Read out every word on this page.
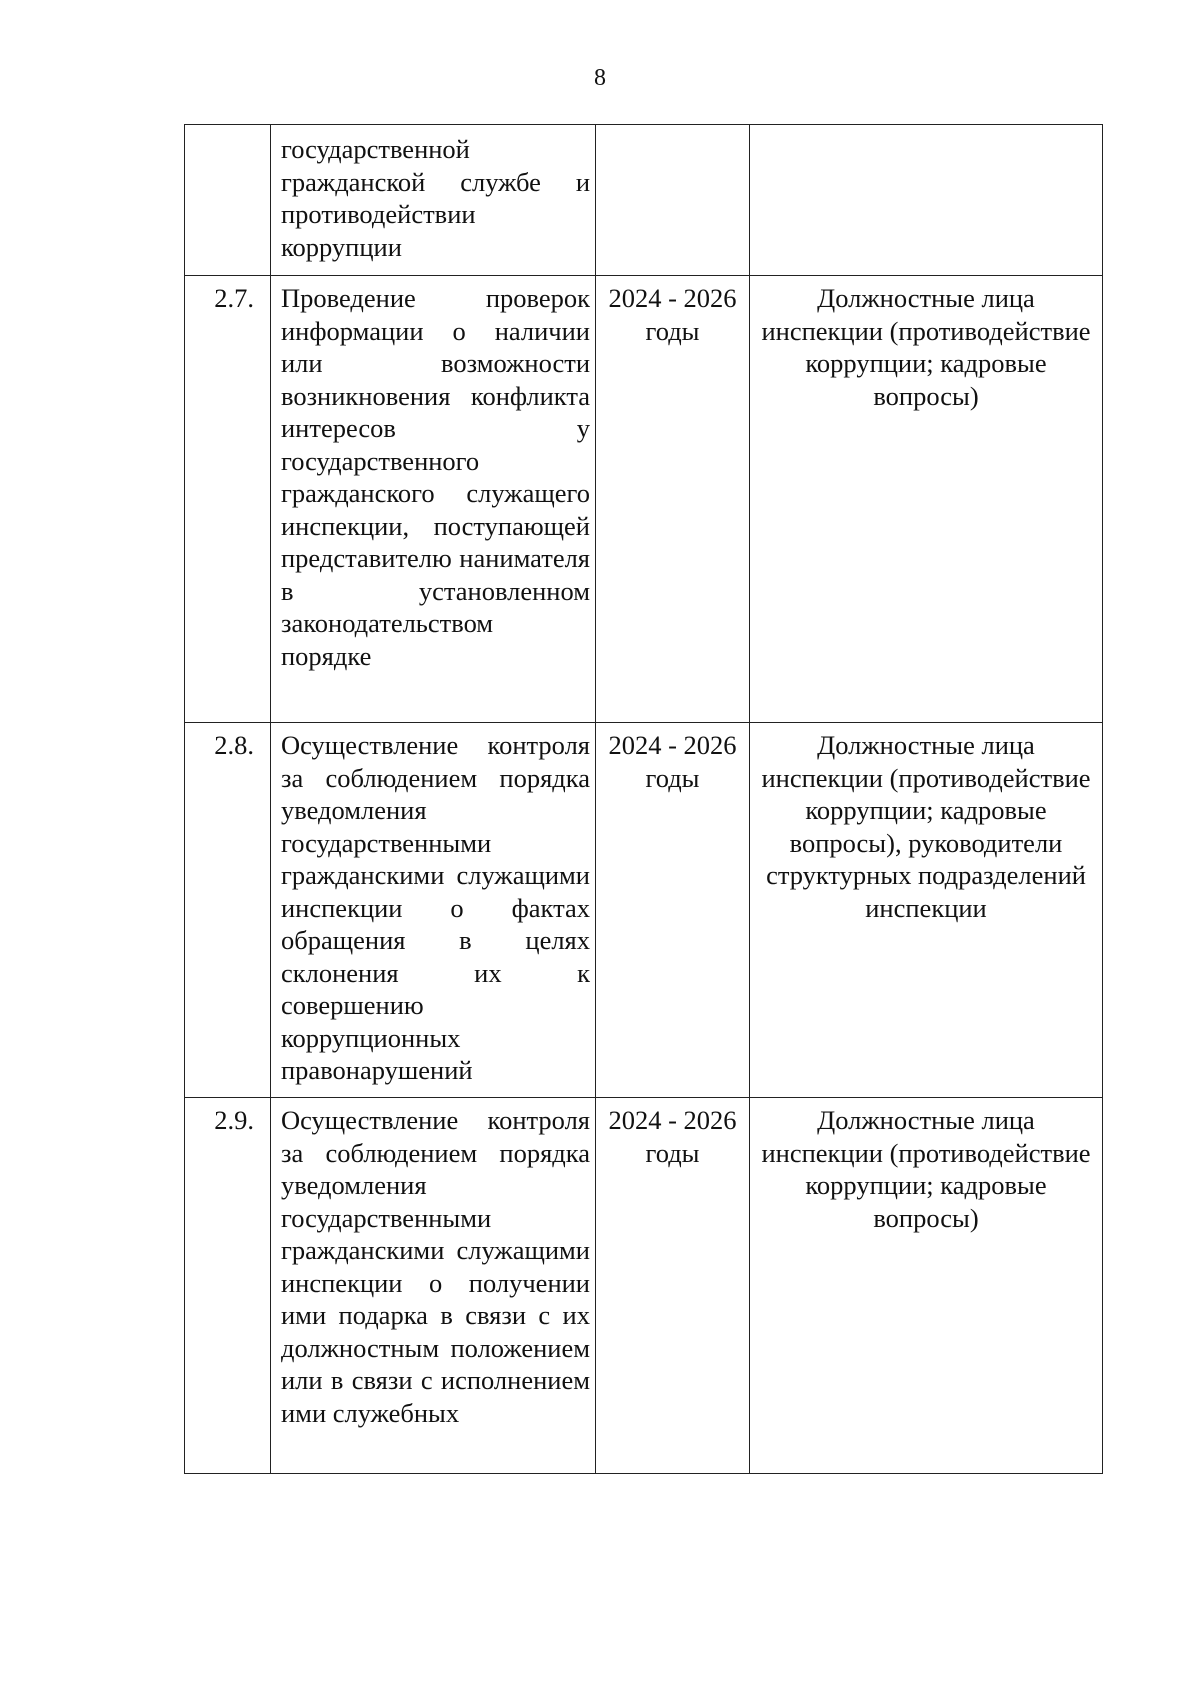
8

	государственной гражданской службе и противодействии коррупции		

2.7.	Проведение проверок информации о наличии или возможности возникновения конфликта интересов у государственного гражданского служащего инспекции, поступающей представителю нанимателя в установленном законодательством порядке	2024 - 2026 годы	Должностные лица инспекции (противодействие коррупции; кадровые вопросы)
2.8.	Осуществление контроля за соблюдением порядка уведомления государственными гражданскими служащими инспекции о фактах обращения в целях склонения их к совершению коррупционных правонарушений	2024 - 2026 годы	Должностные лица инспекции (противодействие коррупции; кадровые вопросы), руководители структурных подразделений инспекции
2.9.	Осуществление контроля за соблюдением порядка уведомления государственными гражданскими служащими инспекции о получении ими подарка в связи с их должностным положением или в связи с исполнением ими служебных	2024 - 2026 годы	Должностные лица инспекции (противодействие коррупции; кадровые вопросы)
